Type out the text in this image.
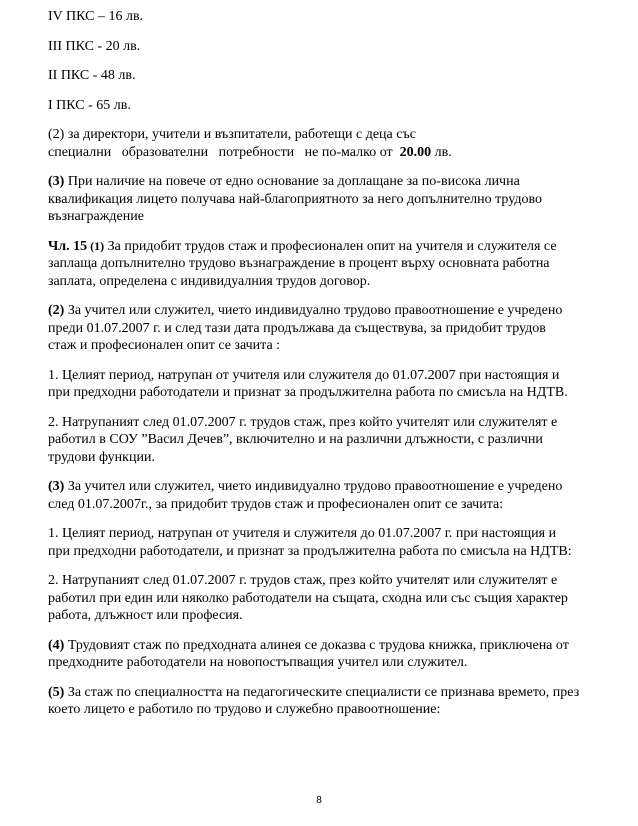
IV ПКС – 16 лв.

III ПКС - 20 лв.

II ПКС - 48 лв.

I ПКС - 65 лв.

(2) за директори, учители и възпитатели, работещи с деца със
специални   образователни   потребности   не по-малко от  20.00 лв.

(3) При наличие на повече от едно основание за доплащане за по-висока лична
квалификация лицето получава най-благоприятното за него допълнително трудово
възнаграждение

Чл. 15 (1) За придобит трудов стаж и професионален опит на учителя и служителя се
заплаща допълнително трудово възнаграждение в процент върху основната работна
заплата, определена с индивидуалния трудов договор.

(2) За учител или служител, чието индивидуално трудово правоотношение е учредено
преди 01.07.2007 г. и след тази дата продължава да съществува, за придобит трудов
стаж и професионален опит се зачита :

1. Целият период, натрупан от учителя или служителя до 01.07.2007 при настоящия и
при предходни работодатели и признат за продължителна работа по смисъла на НДТВ.

2. Натрупаният след 01.07.2007 г. трудов стаж, през който учителят или служителят е
работил в СОУ ”Васил Дечев”, включително и на различни длъжности, с различни
трудови функции.

(3) За учител или служител, чието индивидуално трудово правоотношение е учредено
след 01.07.2007г., за придобит трудов стаж и професионален опит се зачита:

1. Целият период, натрупан от учителя и служителя до 01.07.2007 г. при настоящия и
при предходни работодатели, и признат за продължителна работа по смисъла на НДТВ:

2. Натрупаният след 01.07.2007 г. трудов стаж, през който учителят или служителят е
работил при един или няколко работодатели на същата, сходна или със същия характер
работа, длъжност или професия.

(4) Трудовият стаж по предходната алинея се доказва с трудова книжка, приключена от
предходните работодатели на новопостъпващия учител или служител.

(5) За стаж по специалността на педагогическите специалисти се признава времето, през
което лицето е работило по трудово и служебно правоотношение:

8
